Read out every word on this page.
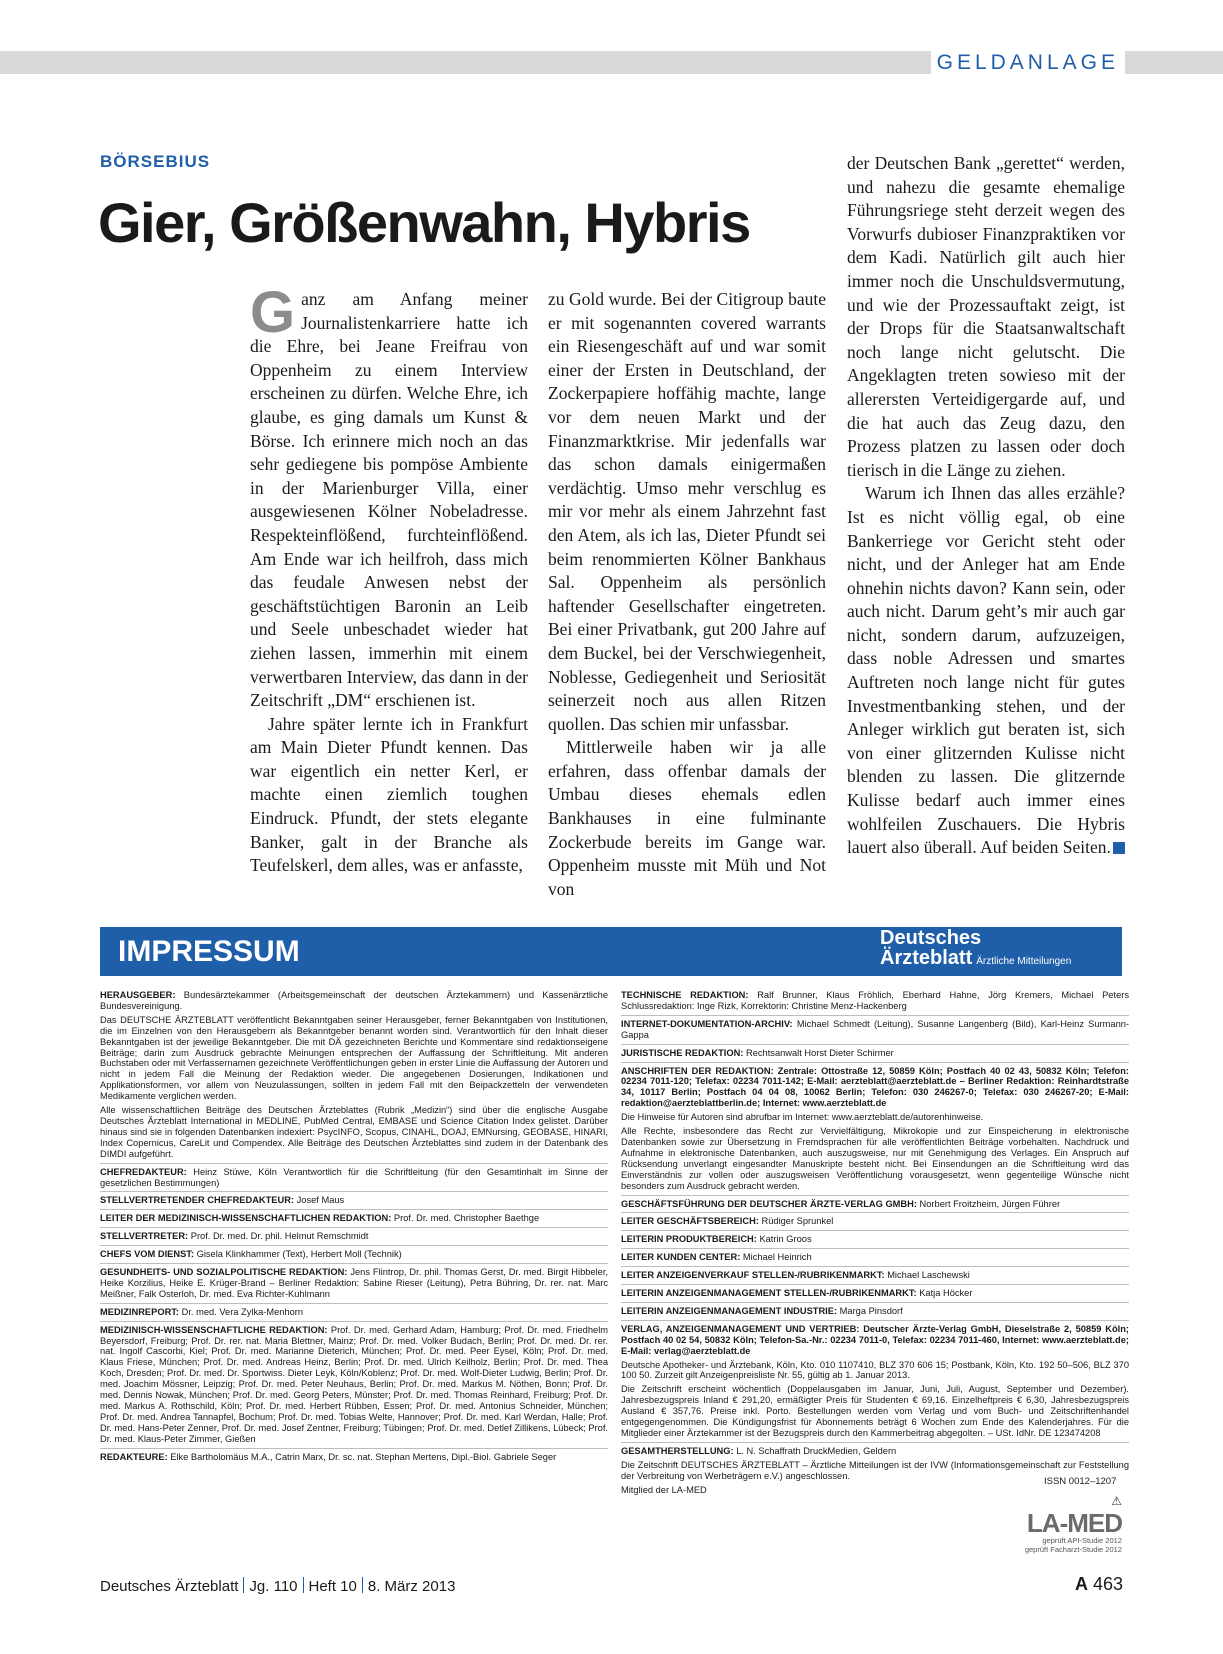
GELDANLAGE
BÖRSEBIUS
Gier, Größenwahn, Hybris

Ganz am Anfang meiner Journalistenkarriere hatte ich die Ehre, bei Jeane Freifrau von Oppenheim zu einem Interview erscheinen zu dürfen. Welche Ehre, ich glaube, es ging damals um Kunst & Börse. Ich erinnere mich noch an das sehr gediegene bis pompöse Ambiente in der Marienburger Villa, einer ausgewiesenen Kölner Nobeladresse. Respekteinflößend, furchteinflößend. Am Ende war ich heilfroh, dass mich das feudale Anwesen nebst der geschäftstüchtigen Baronin an Leib und Seele unbeschadet wieder hat ziehen lassen, immerhin mit einem verwertbaren Interview, das dann in der Zeitschrift „DM“ erschienen ist.

Jahre später lernte ich in Frankfurt am Main Dieter Pfundt kennen. Das war eigentlich ein netter Kerl, er machte einen ziemlich toughen Eindruck. Pfundt, der stets elegante Banker, galt in der Branche als Teufelskerl, dem alles, was er anfasste,

zu Gold wurde. Bei der Citigroup baute er mit sogenannten covered warrants ein Riesengeschäft auf und war somit einer der Ersten in Deutschland, der Zockerpapiere hoffähig machte, lange vor dem neuen Markt und der Finanzmarktkrise. Mir jedenfalls war das schon damals einigermaßen verdächtig. Umso mehr verschlug es mir vor mehr als einem Jahrzehnt fast den Atem, als ich las, Dieter Pfundt sei beim renommierten Kölner Bankhaus Sal. Oppenheim als persönlich haftender Gesellschafter eingetreten. Bei einer Privatbank, gut 200 Jahre auf dem Buckel, bei der Verschwiegenheit, Noblesse, Gediegenheit und Seriosität seinerzeit noch aus allen Ritzen quollen. Das schien mir unfassbar.

Mittlerweile haben wir ja alle erfahren, dass offenbar damals der Umbau dieses ehemals edlen Bankhauses in eine fulminante Zockerbude bereits im Gange war. Oppenheim musste mit Müh und Not von

der Deutschen Bank „gerettet“ werden, und nahezu die gesamte ehemalige Führungsriege steht derzeit wegen des Vorwurfs dubioser Finanzpraktiken vor dem Kadi. Natürlich gilt auch hier immer noch die Unschuldsvermutung, und wie der Prozessauftakt zeigt, ist der Drops für die Staatsanwaltschaft noch lange nicht gelutscht. Die Angeklagten treten sowieso mit der allerersten Verteidigergarde auf, und die hat auch das Zeug dazu, den Prozess platzen zu lassen oder doch tierisch in die Länge zu ziehen.

Warum ich Ihnen das alles erzähle? Ist es nicht völlig egal, ob eine Bankerriege vor Gericht steht oder nicht, und der Anleger hat am Ende ohnehin nichts davon? Kann sein, oder auch nicht. Darum geht’s mir auch gar nicht, sondern darum, aufzuzeigen, dass noble Adressen und smartes Auftreten noch lange nicht für gutes Investmentbanking stehen, und der Anleger wirklich gut beraten ist, sich von einer glitzernden Kulisse nicht blenden zu lassen. Die glitzernde Kulisse bedarf auch immer eines wohlfeilen Zuschauers. Die Hybris lauert also überall. Auf beiden Seiten.

IMPRESSUM	Deutsches
Ärzteblatt Ärztliche Mitteilungen

HERAUSGEBER: Bundesärztekammer (Arbeitsgemeinschaft der deutschen Ärztekammern) und Kassenärztliche Bundesvereinigung.

Das DEUTSCHE ÄRZTEBLATT veröffentlicht Bekanntgaben seiner Herausgeber, ferner Bekanntgaben von Institutionen, die im Einzelnen von den Herausgebern als Bekanntgeber benannt worden sind. Verantwortlich für den Inhalt dieser Bekanntgaben ist der jeweilige Bekanntgeber. Die mit DÄ gezeichneten Berichte und Kommentare sind redaktionseigene Beiträge; darin zum Ausdruck gebrachte Meinungen entsprechen der Auffassung der Schriftleitung. Mit anderen Buchstaben oder mit Verfassernamen gezeichnete Veröffentlichungen geben in erster Linie die Auffassung der Autoren und nicht in jedem Fall die Meinung der Redaktion wieder. Die angegebenen Dosierungen, Indikationen und Applikationsformen, vor allem von Neuzulassungen, sollten in jedem Fall mit den Beipackzetteln der verwendeten Medikamente verglichen werden.

Alle wissenschaftlichen Beiträge des Deutschen Ärzteblattes (Rubrik „Medizin“) sind über die englische Ausgabe Deutsches Ärzteblatt International in MEDLINE, PubMed Central, EMBASE und Science Citation Index gelistet. Darüber hinaus sind sie in folgenden Datenbanken indexiert: PsycINFO, Scopus, CINAHL, DOAJ, EMNursing, GEOBASE, HINARI, Index Copernicus, CareLit und Compendex. Alle Beiträge des Deutschen Ärzteblattes sind zudem in der Datenbank des DIMDI aufgeführt.

CHEFREDAKTEUR: Heinz Stüwe, Köln Verantwortlich für die Schriftleitung (für den Gesamtinhalt im Sinne der gesetzlichen Bestimmungen)

STELLVERTRETENDER CHEFREDAKTEUR: Josef Maus

LEITER DER MEDIZINISCH-WISSENSCHAFTLICHEN REDAKTION: Prof. Dr. med. Christopher Baethge

STELLVERTRETER: Prof. Dr. med. Dr. phil. Helmut Remschmidt

CHEFS VOM DIENST: Gisela Klinkhammer (Text), Herbert Moll (Technik)

GESUNDHEITS- UND SOZIALPOLITISCHE REDAKTION: Jens Flintrop, Dr. phil. Thomas Gerst, Dr. med. Birgit Hibbeler, Heike Korzilius, Heike E. Krüger-Brand – Berliner Redaktion: Sabine Rieser (Leitung), Petra Bühring, Dr. rer. nat. Marc Meißner, Falk Osterloh, Dr. med. Eva Richter-Kuhlmann

MEDIZINREPORT: Dr. med. Vera Zylka-Menhorn

MEDIZINISCH-WISSENSCHAFTLICHE REDAKTION: Prof. Dr. med. Gerhard Adam, Hamburg; Prof. Dr. med. Friedhelm Beyersdorf, Freiburg; Prof. Dr. rer. nat. Maria Blettner, Mainz; Prof. Dr. med. Volker Budach, Berlin; Prof. Dr. med. Dr. rer. nat. Ingolf Cascorbi, Kiel; Prof. Dr. med. Marianne Dieterich, München; Prof. Dr. med. Peer Eysel, Köln; Prof. Dr. med. Klaus Friese, München; Prof. Dr. med. Andreas Heinz, Berlin; Prof. Dr. med. Ulrich Keilholz, Berlin; Prof. Dr. med. Thea Koch, Dresden; Prof. Dr. med. Dr. Sportwiss. Dieter Leyk, Köln/Koblenz; Prof. Dr. med. Wolf-Dieter Ludwig, Berlin; Prof. Dr. med. Joachim Mössner, Leipzig; Prof. Dr. med. Peter Neuhaus, Berlin; Prof. Dr. med. Markus M. Nöthen, Bonn; Prof. Dr. med. Dennis Nowak, München; Prof. Dr. med. Georg Peters, Münster; Prof. Dr. med. Thomas Reinhard, Freiburg; Prof. Dr. med. Markus A. Rothschild, Köln; Prof. Dr. med. Herbert Rübben, Essen; Prof. Dr. med. Antonius Schneider, München; Prof. Dr. med. Andrea Tannapfel, Bochum; Prof. Dr. med. Tobias Welte, Hannover; Prof. Dr. med. Karl Werdan, Halle; Prof. Dr. med. Hans-Peter Zenner, Prof. Dr. med. Josef Zentner, Freiburg; Tübingen; Prof. Dr. med. Detlef Zillikens, Lübeck; Prof. Dr. med. Klaus-Peter Zimmer, Gießen

REDAKTEURE: Elke Bartholomäus M.A., Catrin Marx, Dr. sc. nat. Stephan Mertens, Dipl.-Biol. Gabriele Seger

TECHNISCHE REDAKTION: Ralf Brunner, Klaus Fröhlich, Eberhard Hahne, Jörg Kremers, Michael Peters Schlussredaktion: Inge Rizk, Korrektorin: Christine Menz-Hackenberg

INTERNET-DOKUMENTATION-ARCHIV: Michael Schmedt (Leitung), Susanne Langenberg (Bild), Karl-Heinz Surmann-Gappa

JURISTISCHE REDAKTION: Rechtsanwalt Horst Dieter Schirmer

ANSCHRIFTEN DER REDAKTION: Zentrale: Ottostraße 12, 50859 Köln; Postfach 40 02 43, 50832 Köln; Telefon: 02234 7011-120; Telefax: 02234 7011-142; E-Mail: aerzteblatt@aerzteblatt.de – Berliner Redaktion: Reinhardtstraße 34, 10117 Berlin; Postfach 04 04 08, 10062 Berlin; Telefon: 030 246267-0; Telefax: 030 246267-20; E-Mail: redaktion@aerzteblattberlin.de; Internet: www.aerzteblatt.de

Die Hinweise für Autoren sind abrufbar im Internet: www.aerzteblatt.de/autorenhinweise.

Alle Rechte, insbesondere das Recht zur Vervielfältigung, Mikrokopie und zur Einspeicherung in elektronische Datenbanken sowie zur Übersetzung in Fremdsprachen für alle veröffentlichten Beiträge vorbehalten. Nachdruck und Aufnahme in elektronische Datenbanken, auch auszugsweise, nur mit Genehmigung des Verlages. Ein Anspruch auf Rücksendung unverlangt eingesandter Manuskripte besteht nicht. Bei Einsendungen an die Schriftleitung wird das Einverständnis zur vollen oder auszugsweisen Veröffentlichung vorausgesetzt, wenn gegenteilige Wünsche nicht besonders zum Ausdruck gebracht werden.

GESCHÄFTSFÜHRUNG DER DEUTSCHER ÄRZTE-VERLAG GMBH: Norbert Froitzheim, Jürgen Führer

LEITER GESCHÄFTSBEREICH: Rüdiger Sprunkel

LEITERIN PRODUKTBEREICH: Katrin Groos

LEITER KUNDEN CENTER: Michael Heinrich

LEITER ANZEIGENVERKAUF STELLEN-/RUBRIKENMARKT: Michael Laschewski

LEITERIN ANZEIGENMANAGEMENT STELLEN-/RUBRIKENMARKT: Katja Höcker

LEITERIN ANZEIGENMANAGEMENT INDUSTRIE: Marga Pinsdorf

VERLAG, ANZEIGENMANAGEMENT UND VERTRIEB: Deutscher Ärzte-Verlag GmbH, Dieselstraße 2, 50859 Köln; Postfach 40 02 54, 50832 Köln; Telefon-Sa.-Nr.: 02234 7011-0, Telefax: 02234 7011-460, Internet: www.aerzteblatt.de; E-Mail: verlag@aerzteblatt.de

Deutsche Apotheker- und Ärztebank, Köln, Kto. 010 1107410, BLZ 370 606 15; Postbank, Köln, Kto. 192 50–506, BLZ 370 100 50. Zurzeit gilt Anzeigenpreisliste Nr. 55, gültig ab 1. Januar 2013.

Die Zeitschrift erscheint wöchentlich (Doppelausgaben im Januar, Juni, Juli, August, September und Dezember). Jahresbezugspreis Inland € 291,20, ermäßigter Preis für Studenten € 69,16. Einzelheftpreis € 6,30, Jahresbezugspreis Ausland € 357,76. Preise inkl. Porto. Bestellungen werden vom Verlag und vom Buch- und Zeitschriftenhandel entgegengenommen. Die Kündigungsfrist für Abonnements beträgt 6 Wochen zum Ende des Kalenderjahres. Für die Mitglieder einer Ärztekammer ist der Bezugspreis durch den Kammerbeitrag abgegolten. – USt. IdNr. DE 123474208

GESAMTHERSTELLUNG: L. N. Schaffrath DruckMedien, Geldern

Die Zeitschrift DEUTSCHES ÄRZTEBLATT – Ärztliche Mitteilungen ist der IVW (Informationsgemeinschaft zur Feststellung der Verbreitung von Werbeträgern e.V.) angeschlossen.

Mitglied der LA-MED

ISSN 0012–1207
⚠
LA-MED
geprüft API-Studie 2012
geprüft Facharzt-Studie 2012
Deutsches Ärzteblatt Jg. 110 Heft 10 8. März 2013	A 463
